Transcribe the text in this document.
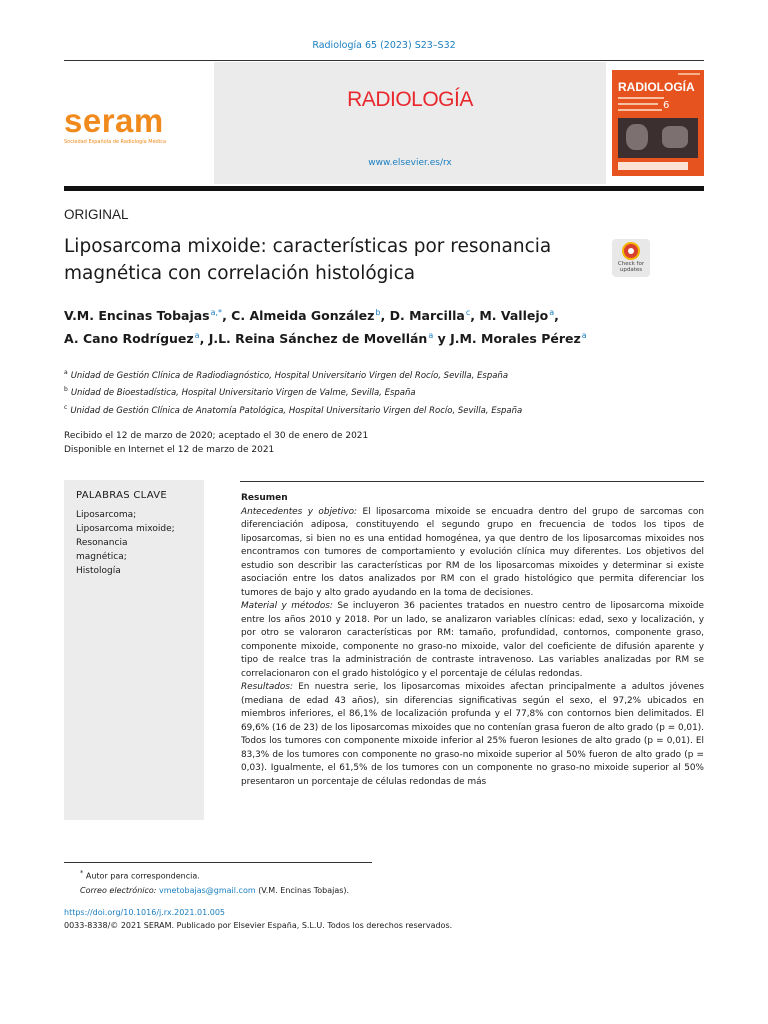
Radiología 65 (2023) S23–S32
seram
Sociedad Española de Radiología Médica
RADIOLOGÍA
www.elsevier.es/rx
RADIOLOGÍA
6
ORIGINAL
Liposarcoma mixoide: características por resonancia magnética con correlación histológica	Check for
updates
V.M. Encinas Tobajas$^{a,*}$, C. Almeida González$^b$, D. Marcilla$^c$, M. Vallejo$^a$,
A. Cano Rodríguez$^a$, J.L. Reina Sánchez de Movellán$^a$ y J.M. Morales Pérez$^a$
$^a$ Unidad de Gestión Clínica de Radiodiagnóstico, Hospital Universitario Virgen del Rocío, Sevilla, España
$^b$ Unidad de Bioestadística, Hospital Universitario Virgen de Valme, Sevilla, España
$^c$ Unidad de Gestión Clínica de Anatomía Patológica, Hospital Universitario Virgen del Rocío, Sevilla, España
Recibido el 12 de marzo de 2020; aceptado el 30 de enero de 2021
Disponible en Internet el 12 de marzo de 2021
PALABRAS CLAVE
Liposarcoma;
Liposarcoma mixoide;
Resonancia
magnética;
Histología
Resumen

Antecedentes y objetivo: El liposarcoma mixoide se encuadra dentro del grupo de sarcomas con diferenciación adiposa, constituyendo el segundo grupo en frecuencia de todos los tipos de liposarcomas, si bien no es una entidad homogénea, ya que dentro de los liposarcomas mixoides nos encontramos con tumores de comportamiento y evolución clínica muy diferentes. Los objetivos del estudio son describir las características por RM de los liposarcomas mixoides y determinar si existe asociación entre los datos analizados por RM con el grado histológico que permita diferenciar los tumores de bajo y alto grado ayudando en la toma de decisiones.

Material y métodos: Se incluyeron 36 pacientes tratados en nuestro centro de liposarcoma mixoide entre los años 2010 y 2018. Por un lado, se analizaron variables clínicas: edad, sexo y localización, y por otro se valoraron características por RM: tamaño, profundidad, contornos, componente graso, componente mixoide, componente no graso-no mixoide, valor del coeficiente de difusión aparente y tipo de realce tras la administración de contraste intravenoso. Las variables analizadas por RM se correlacionaron con el grado histológico y el porcentaje de células redondas.

Resultados: En nuestra serie, los liposarcomas mixoides afectan principalmente a adultos jóvenes (mediana de edad 43 años), sin diferencias significativas según el sexo, el 97,2% ubicados en miembros inferiores, el 86,1% de localización profunda y el 77,8% con contornos bien delimitados. El 69,6% (16 de 23) de los liposarcomas mixoides que no contenían grasa fueron de alto grado (p = 0,01). Todos los tumores con componente mixoide inferior al 25% fueron lesiones de alto grado (p = 0,01). El 83,3% de los tumores con componente no graso-no mixoide superior al 50% fueron de alto grado (p = 0,03). Igualmente, el 61,5% de los tumores con un componente no graso-no mixoide superior al 50% presentaron un porcentaje de células redondas de más

* Autor para correspondencia.
Correo electrónico: vmetobajas@gmail.com (V.M. Encinas Tobajas).
https://doi.org/10.1016/j.rx.2021.01.005
0033-8338/© 2021 SERAM. Publicado por Elsevier España, S.L.U. Todos los derechos reservados.
